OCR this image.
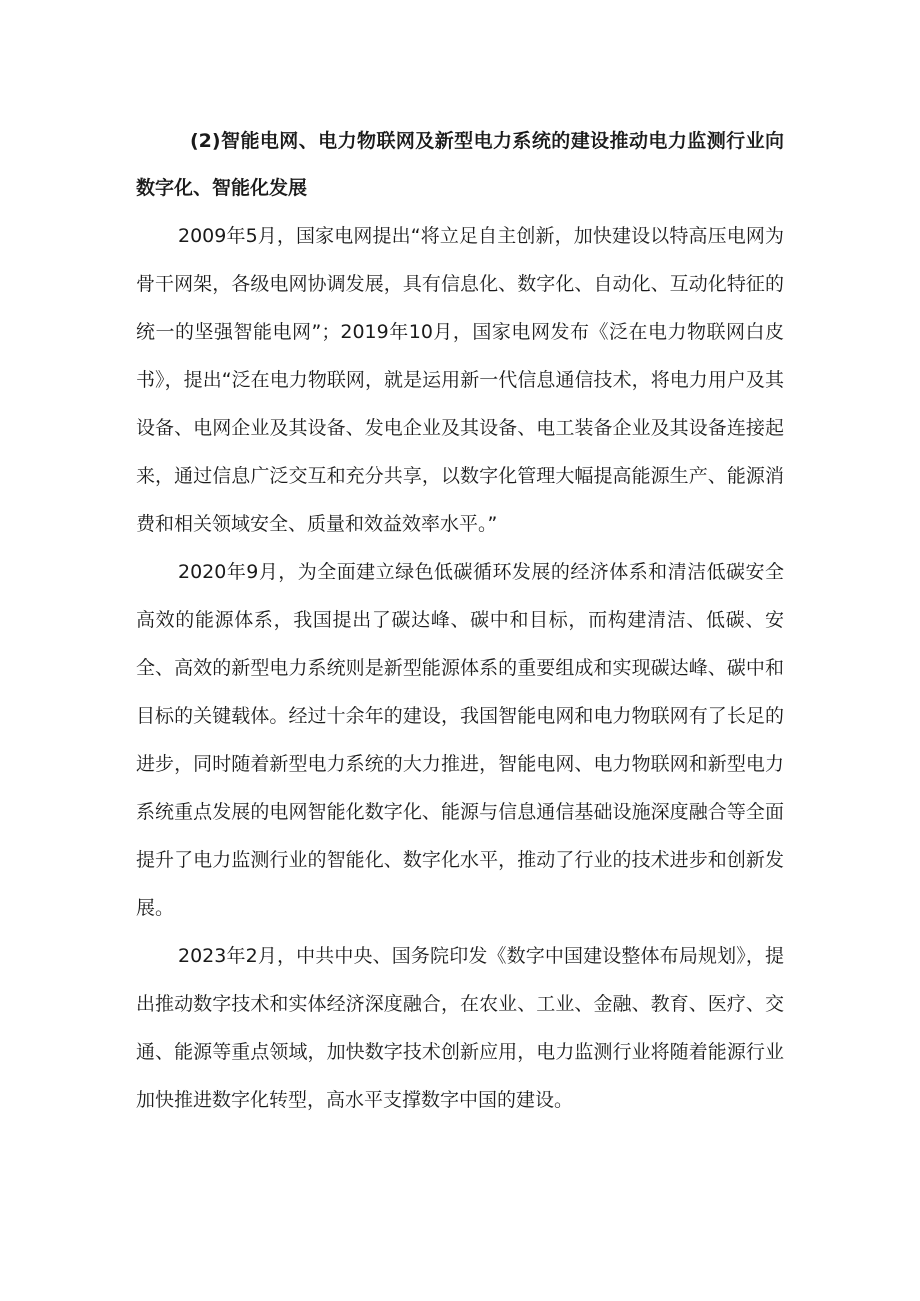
(2)智能电网、电力物联网及新型电力系统的建设推动电力监测行业向数字化、智能化发展

2009年5月，国家电网提出“将立足自主创新，加快建设以特高压电网为骨干网架，各级电网协调发展，具有信息化、数字化、自动化、互动化特征的统一的坚强智能电网”；2019年10月，国家电网发布《泛在电力物联网白皮书》，提出“泛在电力物联网，就是运用新一代信息通信技术，将电力用户及其设备、电网企业及其设备、发电企业及其设备、电工装备企业及其设备连接起来，通过信息广泛交互和充分共享，以数字化管理大幅提高能源生产、能源消费和相关领域安全、质量和效益效率水平。”

2020年9月，为全面建立绿色低碳循环发展的经济体系和清洁低碳安全高效的能源体系，我国提出了碳达峰、碳中和目标，而构建清洁、低碳、安全、高效的新型电力系统则是新型能源体系的重要组成和实现碳达峰、碳中和目标的关键载体。经过十余年的建设，我国智能电网和电力物联网有了长足的进步，同时随着新型电力系统的大力推进，智能电网、电力物联网和新型电力系统重点发展的电网智能化数字化、能源与信息通信基础设施深度融合等全面提升了电力监测行业的智能化、数字化水平，推动了行业的技术进步和创新发展。

2023年2月，中共中央、国务院印发《数字中国建设整体布局规划》，提出推动数字技术和实体经济深度融合，在农业、工业、金融、教育、医疗、交通、能源等重点领域，加快数字技术创新应用，电力监测行业将随着能源行业加快推进数字化转型，高水平支撑数字中国的建设。
